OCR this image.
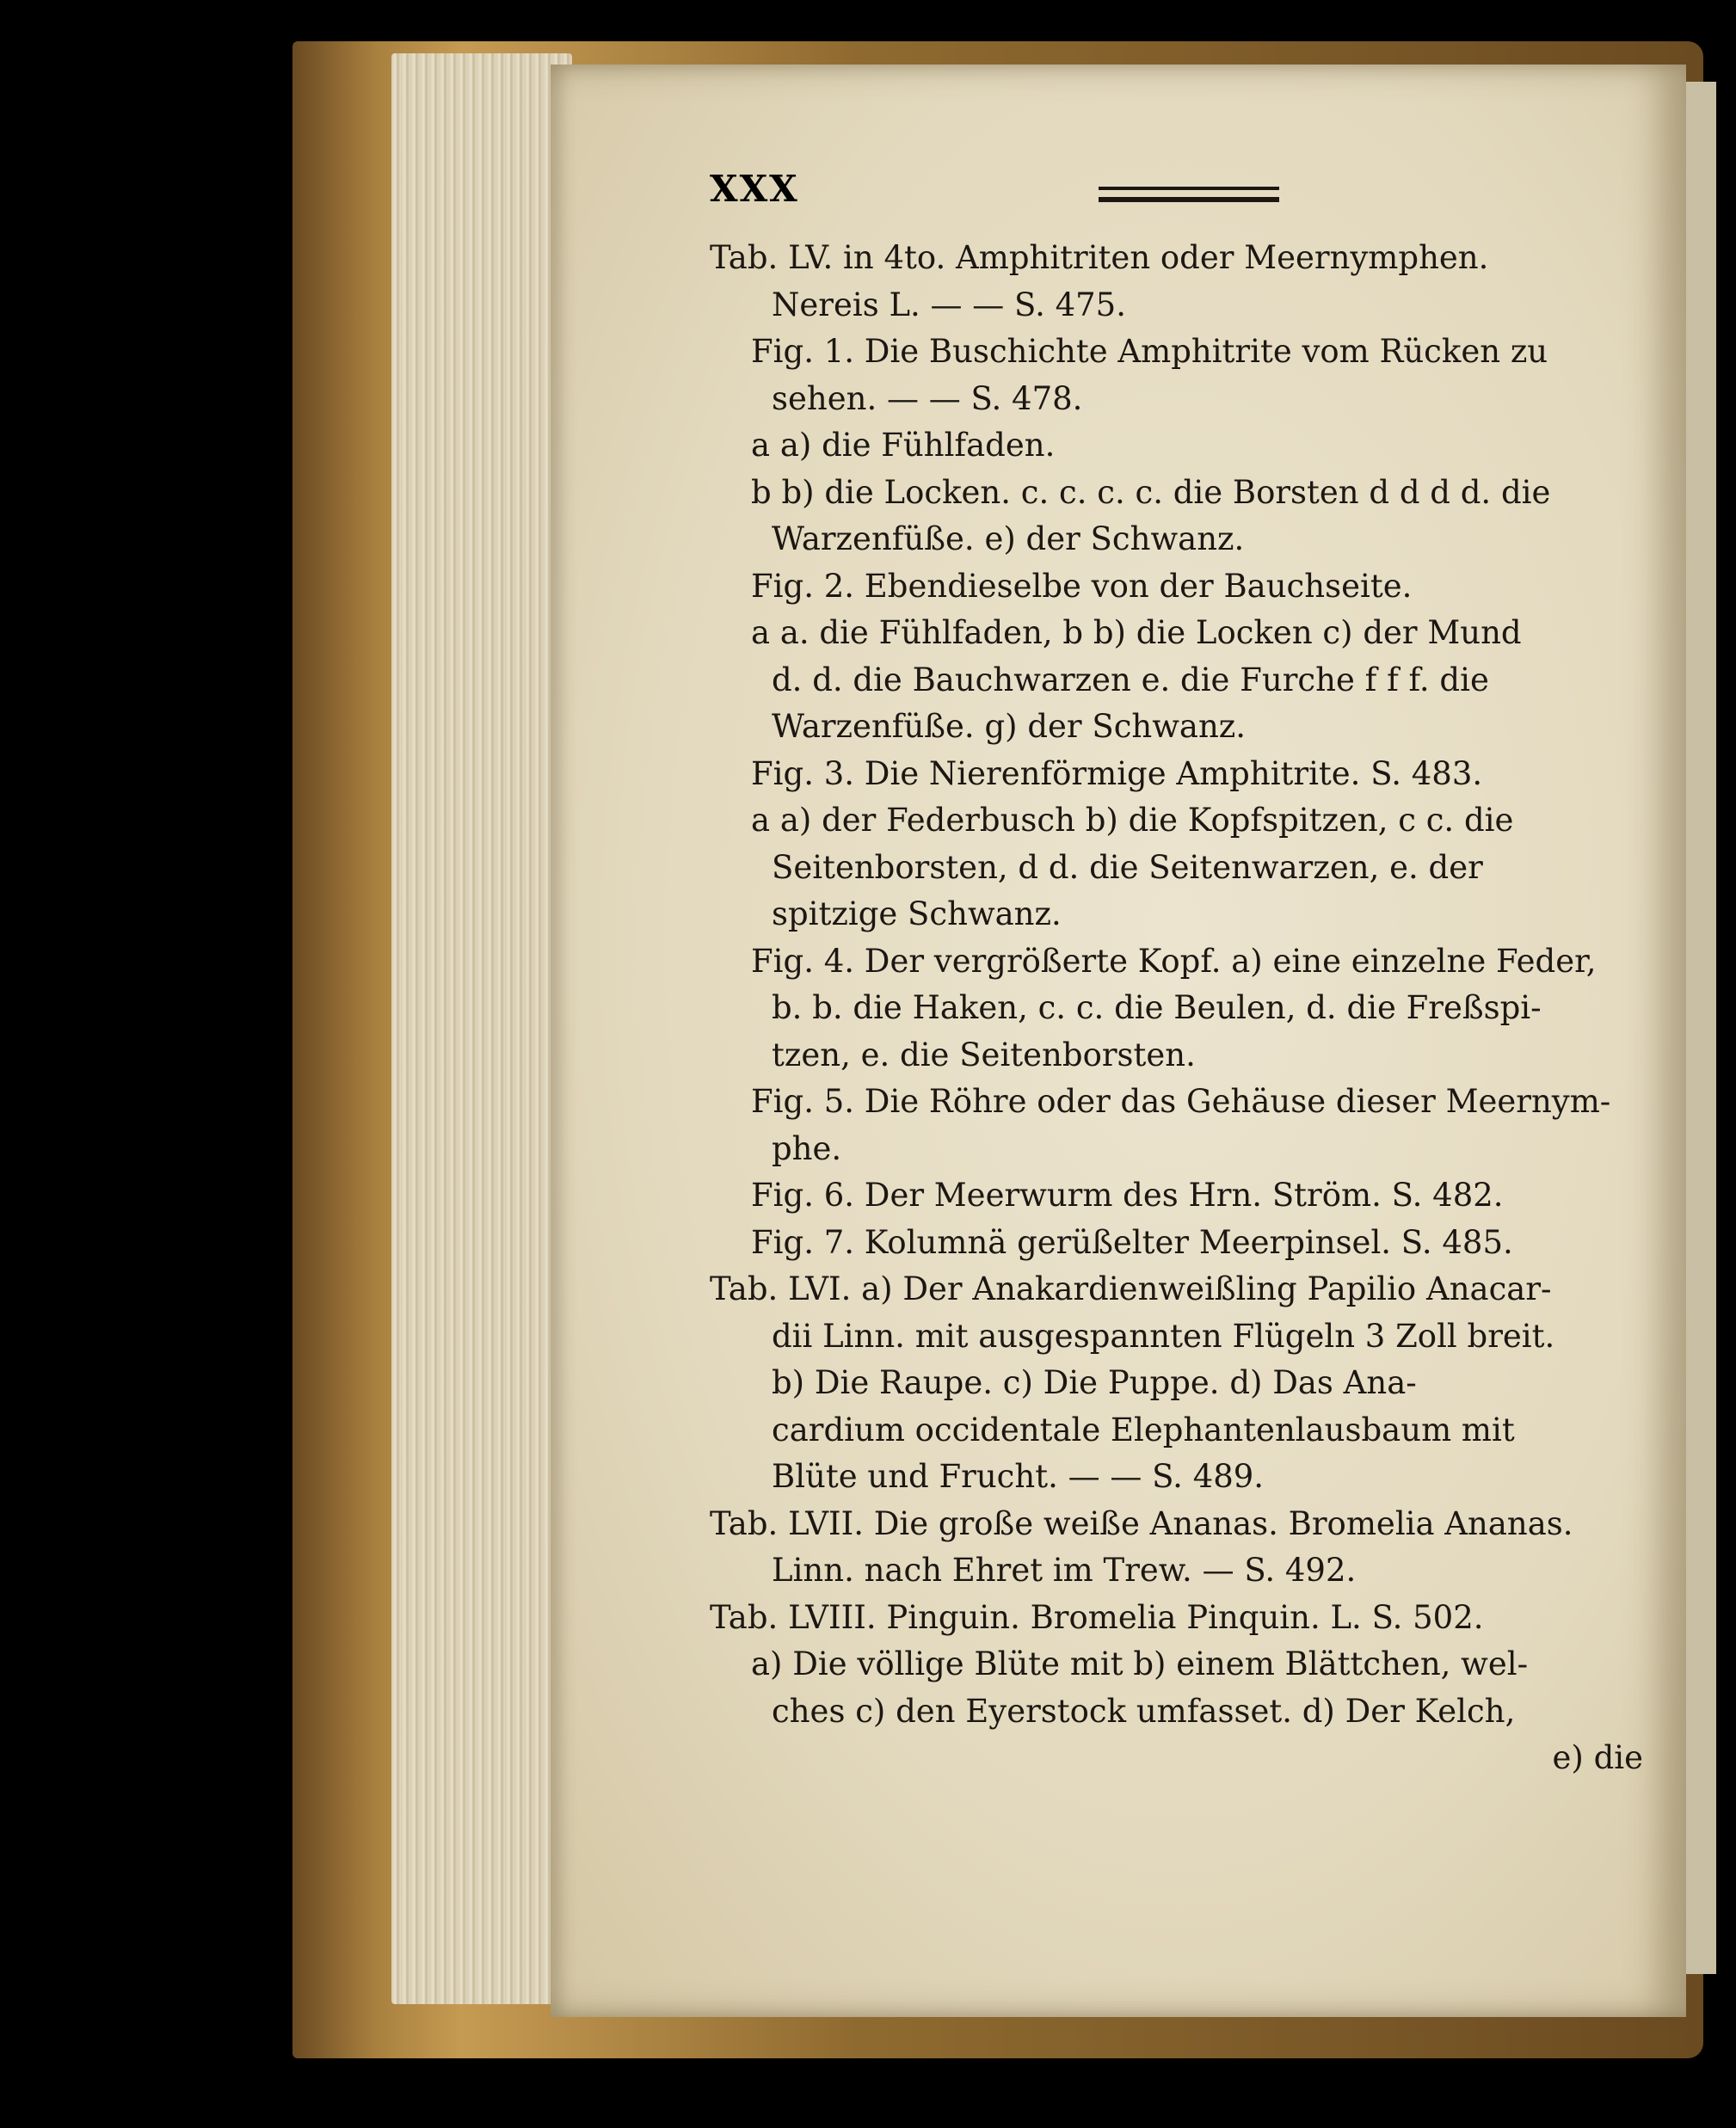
XXX
Tab. LV. in 4to. Amphitriten oder Meernymphen.
Nereis L. — — S. 475.
Fig. 1. Die Buschichte Amphitrite vom Rücken zu
sehen. — — S. 478.
a a) die Fühlfaden.
b b) die Locken. c. c. c. c. die Borsten d d d d. die
Warzenfüße. e) der Schwanz.
Fig. 2. Ebendieselbe von der Bauchseite.
a a. die Fühlfaden, b b) die Locken c) der Mund
d. d. die Bauchwarzen e. die Furche f f f. die
Warzenfüße. g) der Schwanz.
Fig. 3. Die Nierenförmige Amphitrite. S. 483.
a a) der Federbusch b) die Kopfspitzen, c c. die
Seitenborsten, d d. die Seitenwarzen, e. der
spitzige Schwanz.
Fig. 4. Der vergrößerte Kopf. a) eine einzelne Feder,
b. b. die Haken, c. c. die Beulen, d. die Freßspi-
tzen, e. die Seitenborsten.
Fig. 5. Die Röhre oder das Gehäuse dieser Meernym-
phe.
Fig. 6. Der Meerwurm des Hrn. Ström. S. 482.
Fig. 7. Kolumnä gerüßelter Meerpinsel. S. 485.
Tab. LVI. a) Der Anakardienweißling Papilio Anacar-
dii Linn. mit ausgespannten Flügeln 3 Zoll breit.
b) Die Raupe. c) Die Puppe. d) Das Ana-
cardium occidentale Elephantenlausbaum mit
Blüte und Frucht. — — S. 489.
Tab. LVII. Die große weiße Ananas. Bromelia Ananas.
Linn. nach Ehret im Trew. — S. 492.
Tab. LVIII. Pinguin. Bromelia Pinquin. L. S. 502.
a) Die völlige Blüte mit b) einem Blättchen, wel-
ches c) den Eyerstock umfasset. d) Der Kelch,
e) die
